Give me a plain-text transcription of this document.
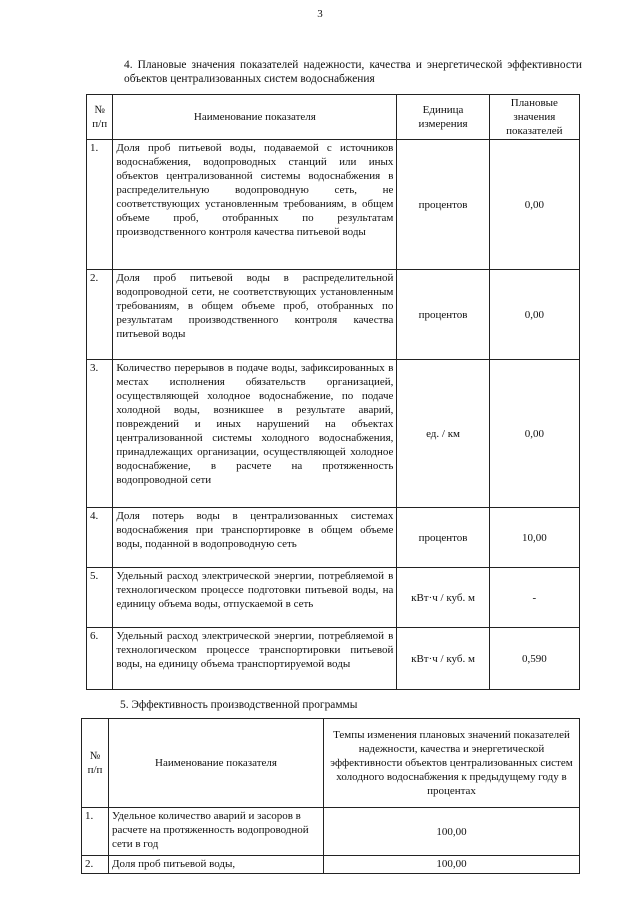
3
4. Плановые значения показателей надежности, качества и энергетической эффективности объектов централизованных систем водоснабжения
№ п/п	Наименование показателя	Единица измерения	Плановые значения показателей
1.	Доля проб питьевой воды, подаваемой с источников водоснабжения, водопроводных станций или иных объектов централизованной системы водоснабжения в распределительную водопроводную сеть, не соответствующих установленным требованиям, в общем объеме проб, отобранных по результатам производственного контроля качества питьевой воды	процентов	0,00
2.	Доля проб питьевой воды в распределительной водопроводной сети, не соответствующих установленным требованиям, в общем объеме проб, отобранных по результатам производственного контроля качества питьевой воды	процентов	0,00
3.	Количество перерывов в подаче воды, зафиксированных в местах исполнения обязательств организацией, осуществляющей холодное водоснабжение, по подаче холодной воды, возникшее в результате аварий, повреждений и иных нарушений на объектах централизованной системы холодного водоснабжения, принадлежащих организации, осуществляющей холодное водоснабжение, в расчете на протяженность водопроводной сети	ед. / км	0,00
4.	Доля потерь воды в централизованных системах водоснабжения при транспортировке в общем объеме воды, поданной в водопроводную сеть	процентов	10,00
5.	Удельный расход электрической энергии, потребляемой в технологическом процессе подготовки питьевой воды, на единицу объема воды, отпускаемой в сеть	кВт·ч / куб. м	-
6.	Удельный расход электрической энергии, потребляемой в технологическом процессе транспортировки питьевой воды, на единицу объема транспортируемой воды	кВт·ч / куб. м	0,590
5. Эффективность производственной программы
№ п/п	Наименование показателя	Темпы изменения плановых значений показателей надежности, качества и энергетической эффективности объектов централизованных систем холодного водоснабжения к предыдущему году в процентах
1.	Удельное количество аварий и засоров в расчете на протяженность водопроводной сети в год	100,00
2.	Доля проб питьевой воды,	100,00
